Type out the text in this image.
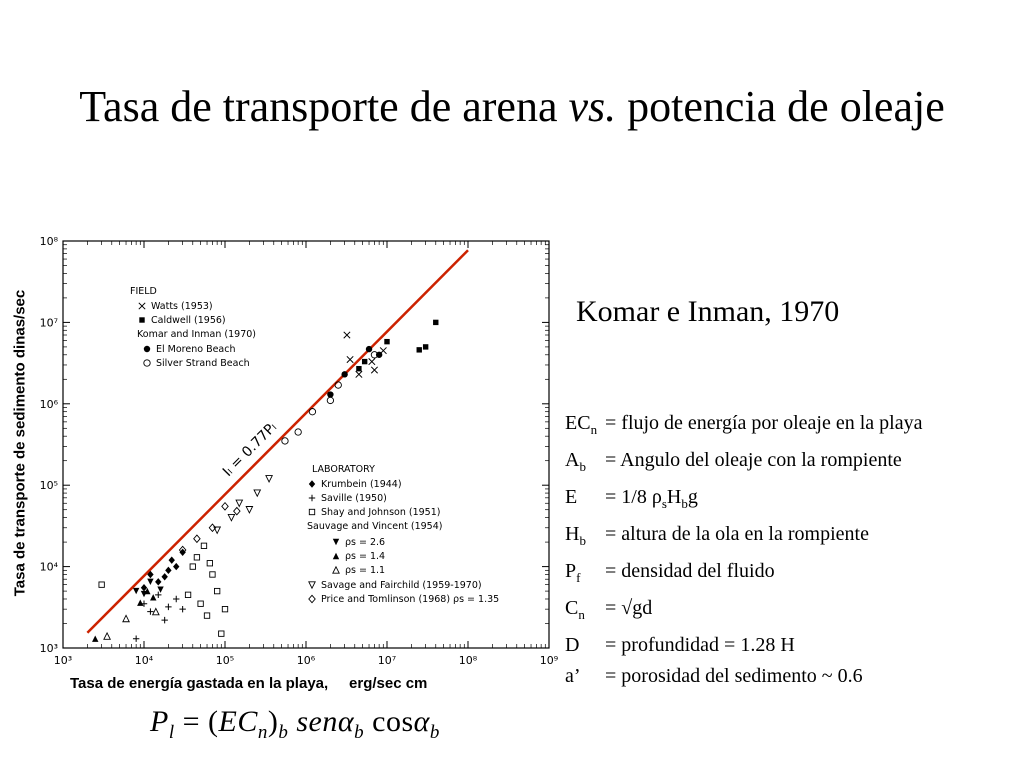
Tasa de transporte de arena vs. potencia de oleaje
Tasa de transporte de sedimento dinas/sec
10³	10⁴	10⁵	10⁶	10⁷	10⁸	10⁹
10³
10⁴
10⁵
10⁶
10⁷
10⁸
Iₗ = 0.77Pₗ
FIELD
Watts (1953)
Caldwell (1956)
Komar and Inman (1970)
El Moreno Beach
Silver Strand Beach
LABORATORY
Krumbein (1944)
Saville (1950)
Shay and Johnson (1951)
Sauvage and Vincent (1954)
ρs = 2.6
ρs = 1.4
ρs = 1.1
Savage and Fairchild (1959-1970)
Price and Tomlinson (1968) ρs = 1.35
Tasa de energía gastada en la playa,     erg/sec cm
Komar e Inman, 1970
$EC_n$ = flujo de energía por oleaje en la playa
$A_b$ = Angulo del oleaje con la rompiente
E	= 1/8 $\rho_sH_bg$
$H_b$ = altura de la ola en la rompiente
$P_f$	= densidad del fluido
$C_n$	= √gd
D	= profundidad = 1.28 H
a’	= porosidad del sedimento ~ 0.6
$P_l = (EC_n)_b$ senα$_b$ cosα$_b$
